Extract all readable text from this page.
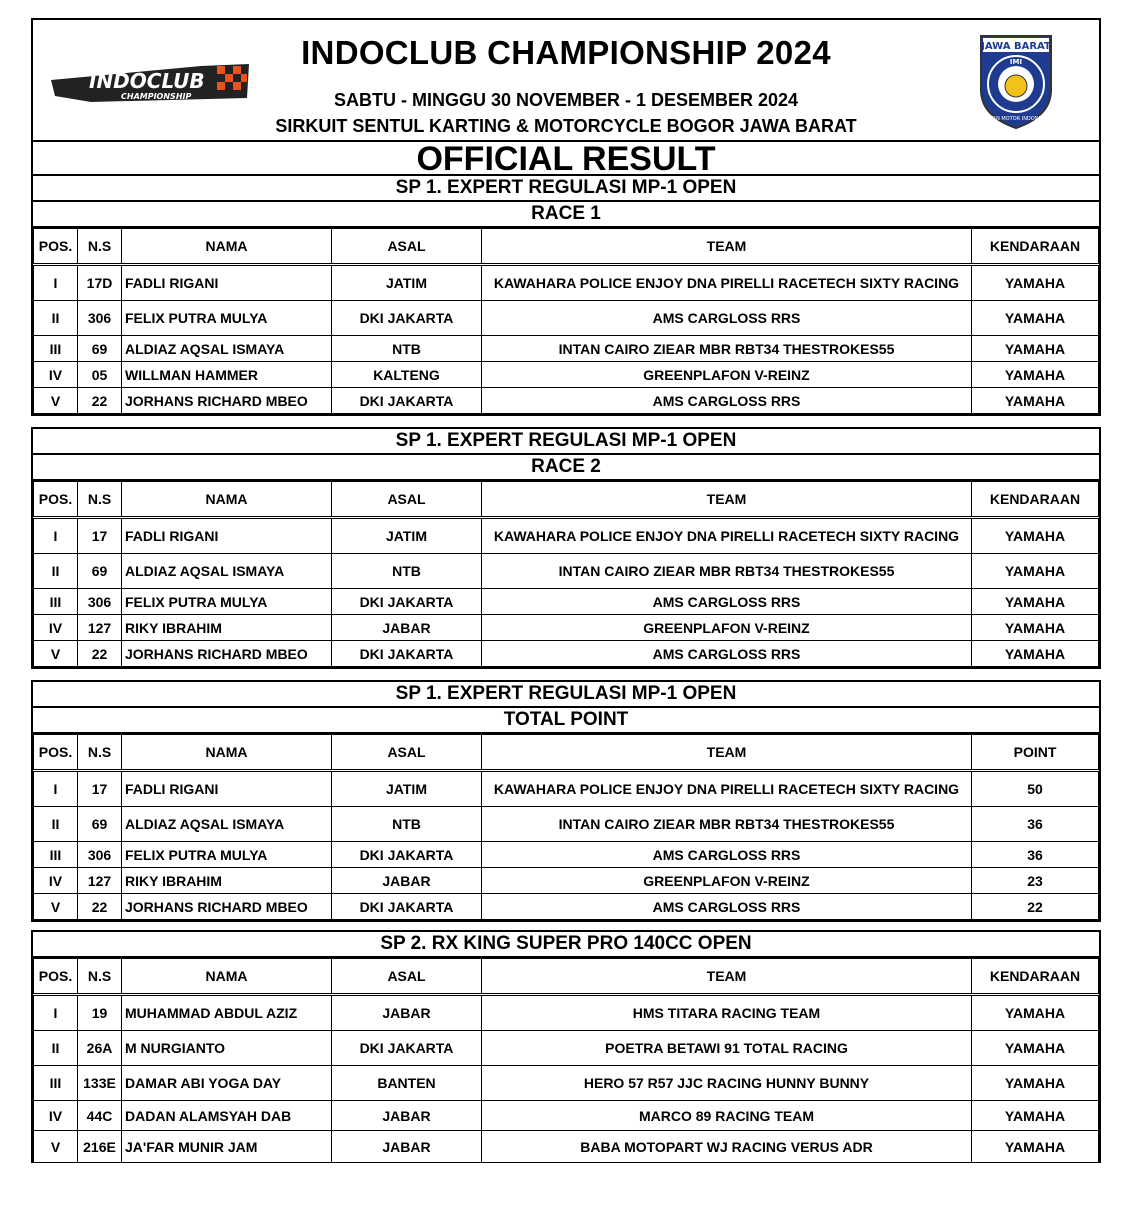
INDOCLUB
CHAMPIONSHIP
INDOCLUB CHAMPIONSHIP 2024
SABTU - MINGGU 30 NOVEMBER - 1 DESEMBER 2024
SIRKUIT SENTUL KARTING & MOTORCYCLE BOGOR JAWA BARAT
JAWA BARAT
IMI
IKATAN MOTOR INDONESIA
OFFICIAL RESULT
SP 1. EXPERT REGULASI MP-1 OPEN
RACE 1
POS.	N.S	NAMA	ASAL	TEAM	KENDARAAN
I	17D	FADLI RIGANI	JATIM	KAWAHARA POLICE ENJOY DNA PIRELLI RACETECH SIXTY RACING	YAMAHA
II	306	FELIX PUTRA MULYA	DKI JAKARTA	AMS CARGLOSS RRS	YAMAHA
III	69	ALDIAZ AQSAL ISMAYA	NTB	INTAN CAIRO ZIEAR MBR RBT34 THESTROKES55	YAMAHA
IV	05	WILLMAN HAMMER	KALTENG	GREENPLAFON V-REINZ	YAMAHA
V	22	JORHANS RICHARD MBEO	DKI JAKARTA	AMS CARGLOSS RRS	YAMAHA
SP 1. EXPERT REGULASI MP-1 OPEN
RACE 2
POS.	N.S	NAMA	ASAL	TEAM	KENDARAAN
I	17	FADLI RIGANI	JATIM	KAWAHARA POLICE ENJOY DNA PIRELLI RACETECH SIXTY RACING	YAMAHA
II	69	ALDIAZ AQSAL ISMAYA	NTB	INTAN CAIRO ZIEAR MBR RBT34 THESTROKES55	YAMAHA
III	306	FELIX PUTRA MULYA	DKI JAKARTA	AMS CARGLOSS RRS	YAMAHA
IV	127	RIKY IBRAHIM	JABAR	GREENPLAFON V-REINZ	YAMAHA
V	22	JORHANS RICHARD MBEO	DKI JAKARTA	AMS CARGLOSS RRS	YAMAHA
SP 1. EXPERT REGULASI MP-1 OPEN
TOTAL POINT
POS.	N.S	NAMA	ASAL	TEAM	POINT
I	17	FADLI RIGANI	JATIM	KAWAHARA POLICE ENJOY DNA PIRELLI RACETECH SIXTY RACING	50
II	69	ALDIAZ AQSAL ISMAYA	NTB	INTAN CAIRO ZIEAR MBR RBT34 THESTROKES55	36
III	306	FELIX PUTRA MULYA	DKI JAKARTA	AMS CARGLOSS RRS	36
IV	127	RIKY IBRAHIM	JABAR	GREENPLAFON V-REINZ	23
V	22	JORHANS RICHARD MBEO	DKI JAKARTA	AMS CARGLOSS RRS	22
SP 2. RX KING SUPER PRO 140CC OPEN
POS.	N.S	NAMA	ASAL	TEAM	KENDARAAN
I	19	MUHAMMAD ABDUL AZIZ	JABAR	HMS TITARA RACING TEAM	YAMAHA
II	26A	M NURGIANTO	DKI JAKARTA	POETRA BETAWI 91 TOTAL RACING	YAMAHA
III	133E	DAMAR ABI YOGA DAY	BANTEN	HERO 57 R57 JJC RACING HUNNY BUNNY	YAMAHA
IV	44C	DADAN ALAMSYAH DAB	JABAR	MARCO 89 RACING TEAM	YAMAHA
V	216E	JA'FAR MUNIR JAM	JABAR	BABA MOTOPART WJ RACING VERUS ADR	YAMAHA
